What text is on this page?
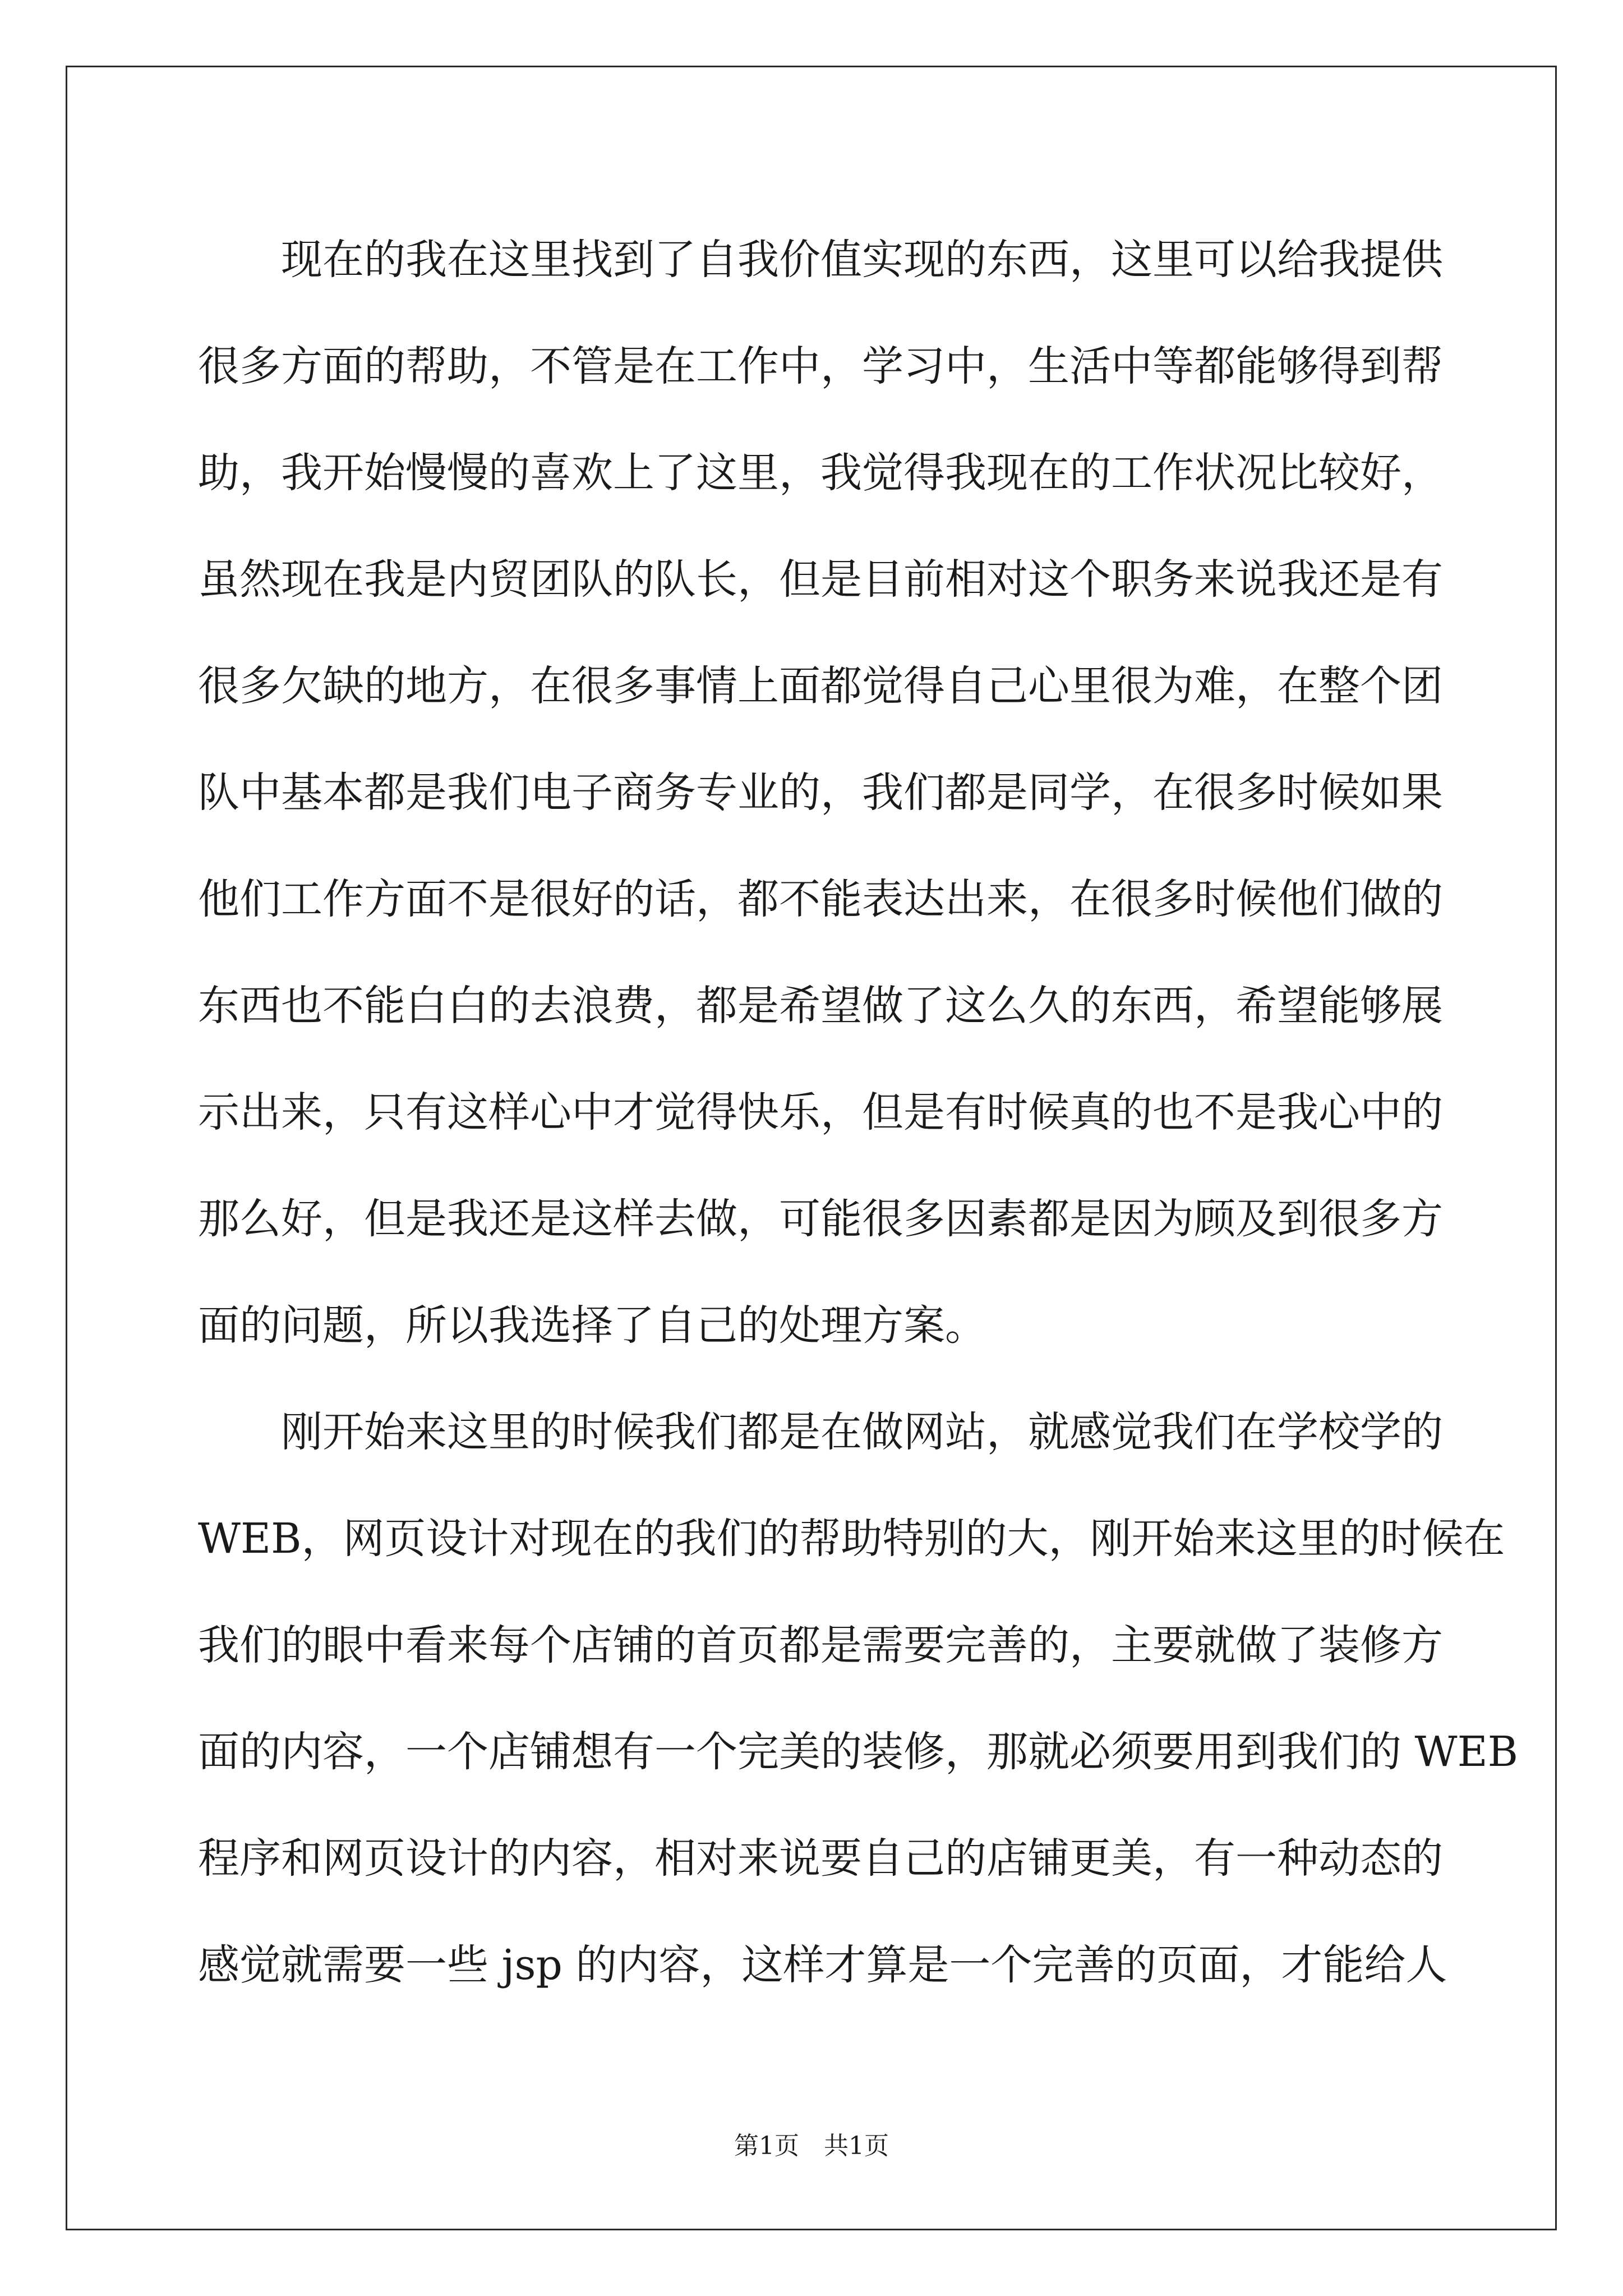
　　现在的我在这里找到了自我价值实现的东西，这里可以给我提供
很多方面的帮助，不管是在工作中，学习中，生活中等都能够得到帮
助，我开始慢慢的喜欢上了这里，我觉得我现在的工作状况比较好，
虽然现在我是内贸团队的队长，但是目前相对这个职务来说我还是有
很多欠缺的地方，在很多事情上面都觉得自己心里很为难，在整个团
队中基本都是我们电子商务专业的，我们都是同学，在很多时候如果
他们工作方面不是很好的话，都不能表达出来，在很多时候他们做的
东西也不能白白的去浪费，都是希望做了这么久的东西，希望能够展
示出来，只有这样心中才觉得快乐，但是有时候真的也不是我心中的
那么好，但是我还是这样去做，可能很多因素都是因为顾及到很多方
面的问题，所以我选择了自己的处理方案。
　　刚开始来这里的时候我们都是在做网站，就感觉我们在学校学的
WEB，网页设计对现在的我们的帮助特别的大，刚开始来这里的时候在
我们的眼中看来每个店铺的首页都是需要完善的，主要就做了装修方
面的内容，一个店铺想有一个完美的装修，那就必须要用到我们的 WEB
程序和网页设计的内容，相对来说要自己的店铺更美，有一种动态的
感觉就需要一些 jsp 的内容，这样才算是一个完善的页面，才能给人
第1页　共1页
